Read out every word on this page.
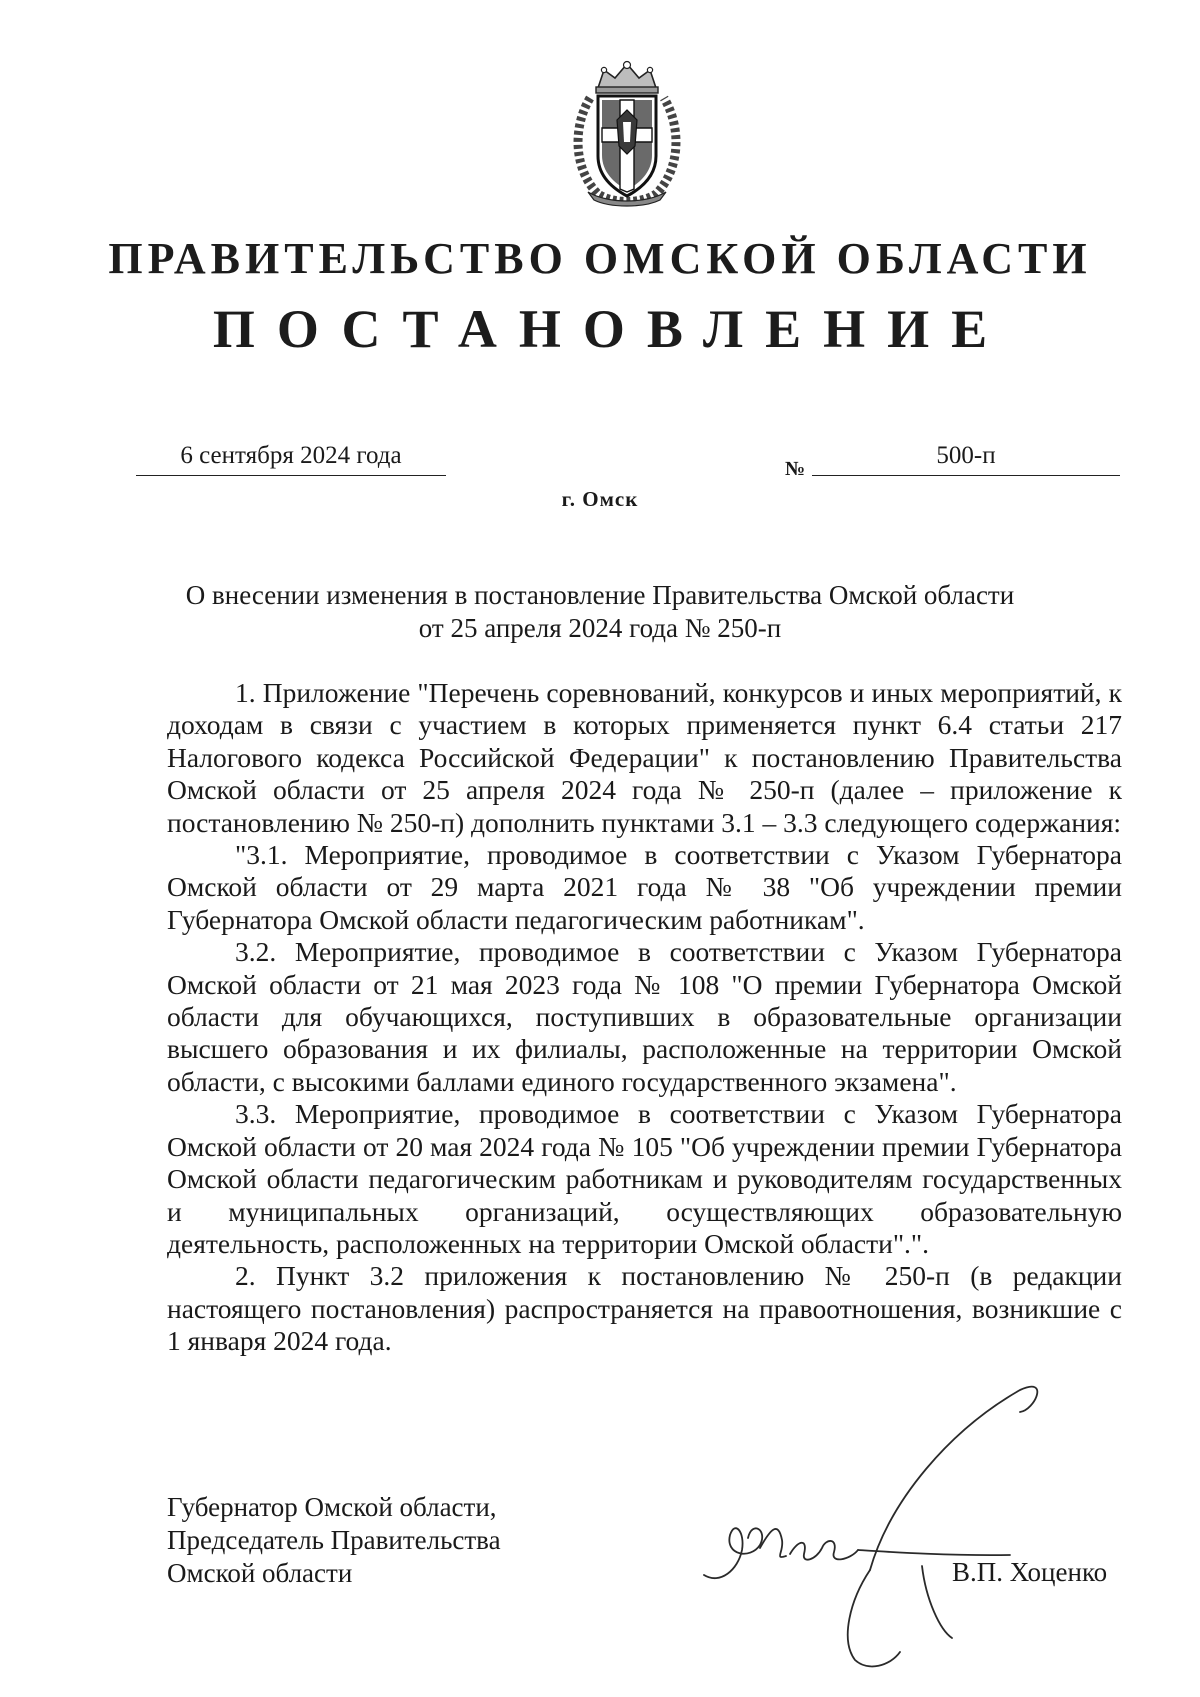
ПРАВИТЕЛЬСТВО ОМСКОЙ ОБЛАСТИ
ПОСТАНОВЛЕНИЕ
6 сентября 2024 года	№	500-п
г. Омск
О внесении изменения в постановление Правительства Омской области
от 25 апреля 2024 года № 250-п

1. Приложение "Перечень соревнований, конкурсов и иных мероприятий, к доходам в связи с участием в которых применяется пункт 6.4 статьи 217 Налогового кодекса Российской Федерации" к постановлению Правительства Омской области от 25 апреля 2024 года № 250-п (далее – приложение к постановлению № 250-п) дополнить пунктами 3.1 – 3.3 следующего содержания:

"3.1. Мероприятие, проводимое в соответствии с Указом Губернатора Омской области от 29 марта 2021 года № 38 "Об учреждении премии Губернатора Омской области педагогическим работникам".

3.2. Мероприятие, проводимое в соответствии с Указом Губернатора Омской области от 21 мая 2023 года № 108 "О премии Губернатора Омской области для обучающихся, поступивших в образовательные организации высшего образования и их филиалы, расположенные на территории Омской области, с высокими баллами единого государственного экзамена".

3.3. Мероприятие, проводимое в соответствии с Указом Губернатора Омской области от 20 мая 2024 года № 105 "Об учреждении премии Губернатора Омской области педагогическим работникам и руководителям государственных и муниципальных организаций, осуществляющих образовательную деятельность, расположенных на территории Омской области".".

2. Пункт 3.2 приложения к постановлению № 250-п (в редакции настоящего постановления) распространяется на правоотношения, возникшие с 1 января 2024 года.

Губернатор Омской области,
Председатель Правительства
Омской области	В.П. Хоценко
